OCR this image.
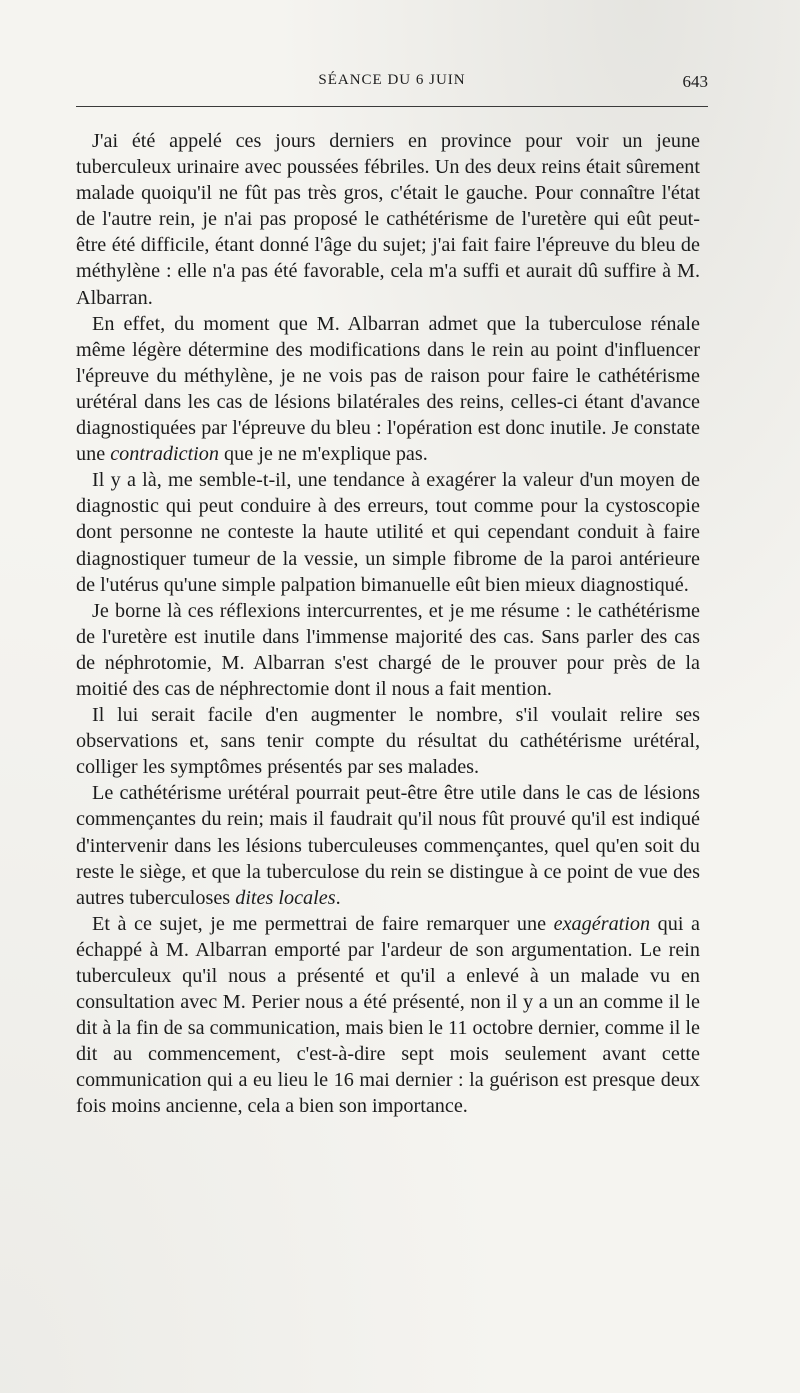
SÉANCE DU 6 JUIN	643

J'ai été appelé ces jours derniers en province pour voir un jeune tuberculeux urinaire avec poussées fébriles. Un des deux reins était sûrement malade quoiqu'il ne fût pas très gros, c'était le gauche. Pour connaître l'état de l'autre rein, je n'ai pas proposé le cathétérisme de l'uretère qui eût peut-être été difficile, étant donné l'âge du sujet; j'ai fait faire l'épreuve du bleu de méthylène : elle n'a pas été favorable, cela m'a suffi et aurait dû suffire à M. Albarran.

En effet, du moment que M. Albarran admet que la tuberculose rénale même légère détermine des modifications dans le rein au point d'influencer l'épreuve du méthylène, je ne vois pas de raison pour faire le cathétérisme urétéral dans les cas de lésions bilatérales des reins, celles-ci étant d'avance diagnostiquées par l'épreuve du bleu : l'opération est donc inutile. Je constate une contradiction que je ne m'explique pas.

Il y a là, me semble-t-il, une tendance à exagérer la valeur d'un moyen de diagnostic qui peut conduire à des erreurs, tout comme pour la cystoscopie dont personne ne conteste la haute utilité et qui cependant conduit à faire diagnostiquer tumeur de la vessie, un simple fibrome de la paroi antérieure de l'utérus qu'une simple palpation bimanuelle eût bien mieux diagnostiqué.

Je borne là ces réflexions intercurrentes, et je me résume : le cathétérisme de l'uretère est inutile dans l'immense majorité des cas. Sans parler des cas de néphrotomie, M. Albarran s'est chargé de le prouver pour près de la moitié des cas de néphrectomie dont il nous a fait mention.

Il lui serait facile d'en augmenter le nombre, s'il voulait relire ses observations et, sans tenir compte du résultat du cathétérisme urétéral, colliger les symptômes présentés par ses malades.

Le cathétérisme urétéral pourrait peut-être être utile dans le cas de lésions commençantes du rein; mais il faudrait qu'il nous fût prouvé qu'il est indiqué d'intervenir dans les lésions tuberculeuses commençantes, quel qu'en soit du reste le siège, et que la tuberculose du rein se distingue à ce point de vue des autres tuberculoses dites locales.

Et à ce sujet, je me permettrai de faire remarquer une exagération qui a échappé à M. Albarran emporté par l'ardeur de son argumentation. Le rein tuberculeux qu'il nous a présenté et qu'il a enlevé à un malade vu en consultation avec M. Perier nous a été présenté, non il y a un an comme il le dit à la fin de sa communication, mais bien le 11 octobre dernier, comme il le dit au commencement, c'est-à-dire sept mois seulement avant cette communication qui a eu lieu le 16 mai dernier : la guérison est presque deux fois moins ancienne, cela a bien son importance.
